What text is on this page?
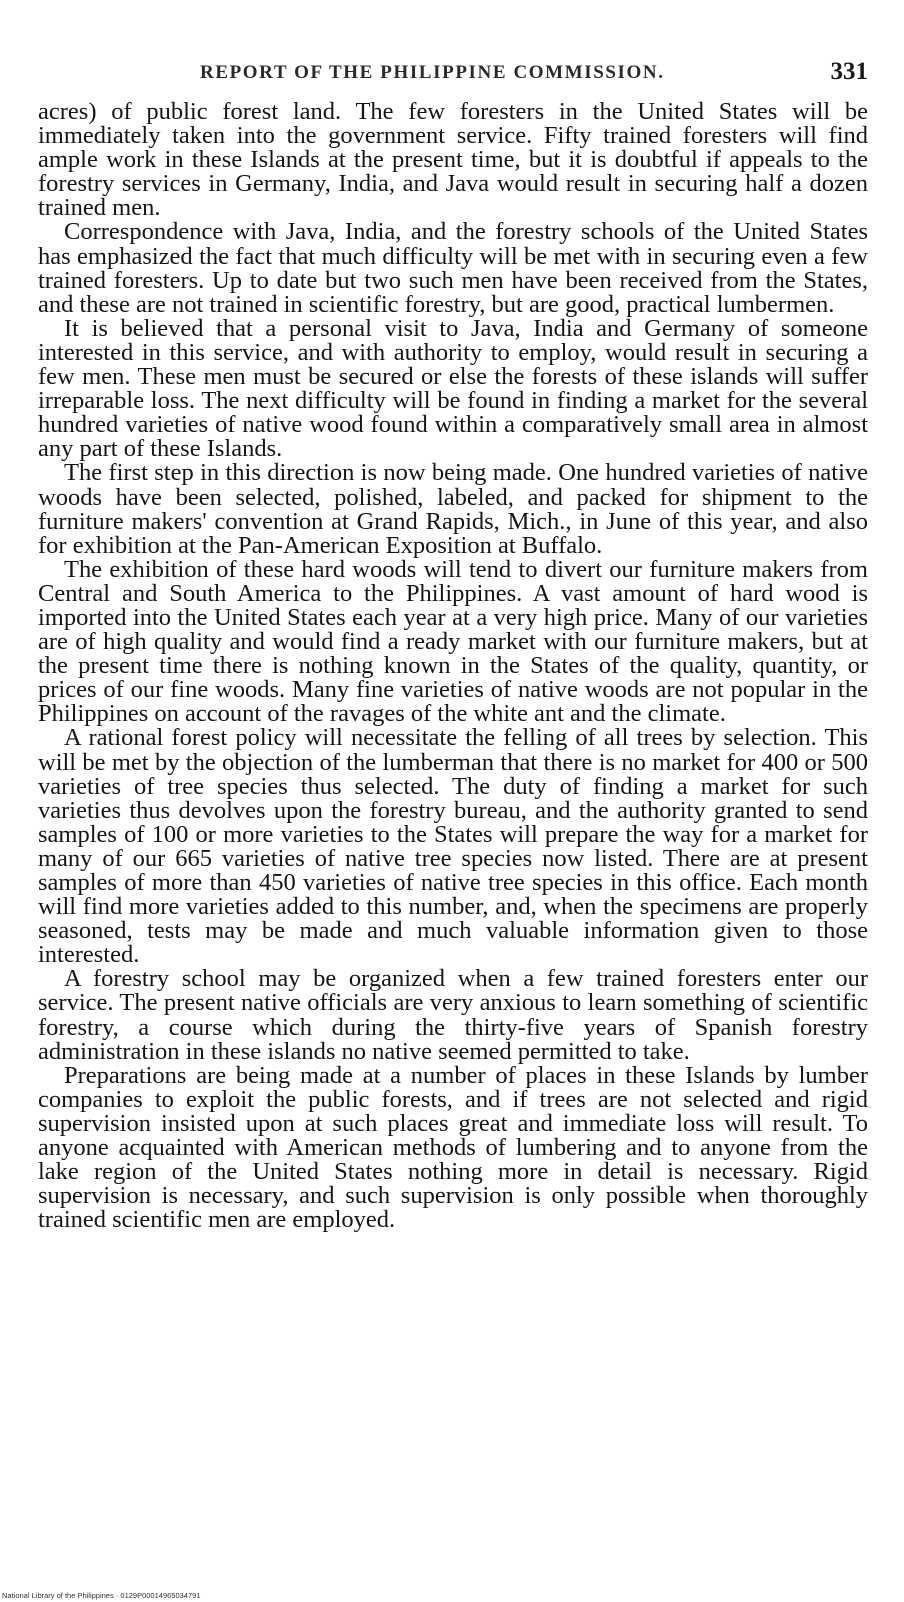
REPORT OF THE PHILIPPINE COMMISSION.	331

acres) of public forest land. The few foresters in the United States will be immediately taken into the government service. Fifty trained foresters will find ample work in these Islands at the present time, but it is doubtful if appeals to the forestry services in Germany, India, and Java would result in securing half a dozen trained men.

Correspondence with Java, India, and the forestry schools of the United States has emphasized the fact that much difficulty will be met with in securing even a few trained foresters. Up to date but two such men have been received from the States, and these are not trained in scientific forestry, but are good, practical lumbermen.

It is believed that a personal visit to Java, India and Germany of someone interested in this service, and with authority to employ, would result in securing a few men. These men must be secured or else the forests of these islands will suffer irreparable loss. The next difficulty will be found in finding a market for the several hundred varieties of native wood found within a comparatively small area in almost any part of these Islands.

The first step in this direction is now being made. One hundred varieties of native woods have been selected, polished, labeled, and packed for shipment to the furniture makers' convention at Grand Rapids, Mich., in June of this year, and also for exhibition at the Pan-American Exposition at Buffalo.

The exhibition of these hard woods will tend to divert our furniture makers from Central and South America to the Philippines. A vast amount of hard wood is imported into the United States each year at a very high price. Many of our varieties are of high quality and would find a ready market with our furniture makers, but at the present time there is nothing known in the States of the quality, quantity, or prices of our fine woods. Many fine varieties of native woods are not popular in the Philippines on account of the ravages of the white ant and the climate.

A rational forest policy will necessitate the felling of all trees by selection. This will be met by the objection of the lumberman that there is no market for 400 or 500 varieties of tree species thus selected. The duty of finding a market for such varieties thus devolves upon the forestry bureau, and the authority granted to send samples of 100 or more varieties to the States will prepare the way for a market for many of our 665 varieties of native tree species now listed. There are at present samples of more than 450 varieties of native tree species in this office. Each month will find more varieties added to this number, and, when the specimens are properly seasoned, tests may be made and much valuable information given to those interested.

A forestry school may be organized when a few trained foresters enter our service. The present native officials are very anxious to learn something of scientific forestry, a course which during the thirty-five years of Spanish forestry administration in these islands no native seemed permitted to take.

Preparations are being made at a number of places in these Islands by lumber companies to exploit the public forests, and if trees are not selected and rigid supervision insisted upon at such places great and immediate loss will result. To anyone acquainted with American methods of lumbering and to anyone from the lake region of the United States nothing more in detail is necessary. Rigid supervision is necessary, and such supervision is only possible when thoroughly trained scientific men are employed.

National Library of the Philippines · 0129P00014965034791
